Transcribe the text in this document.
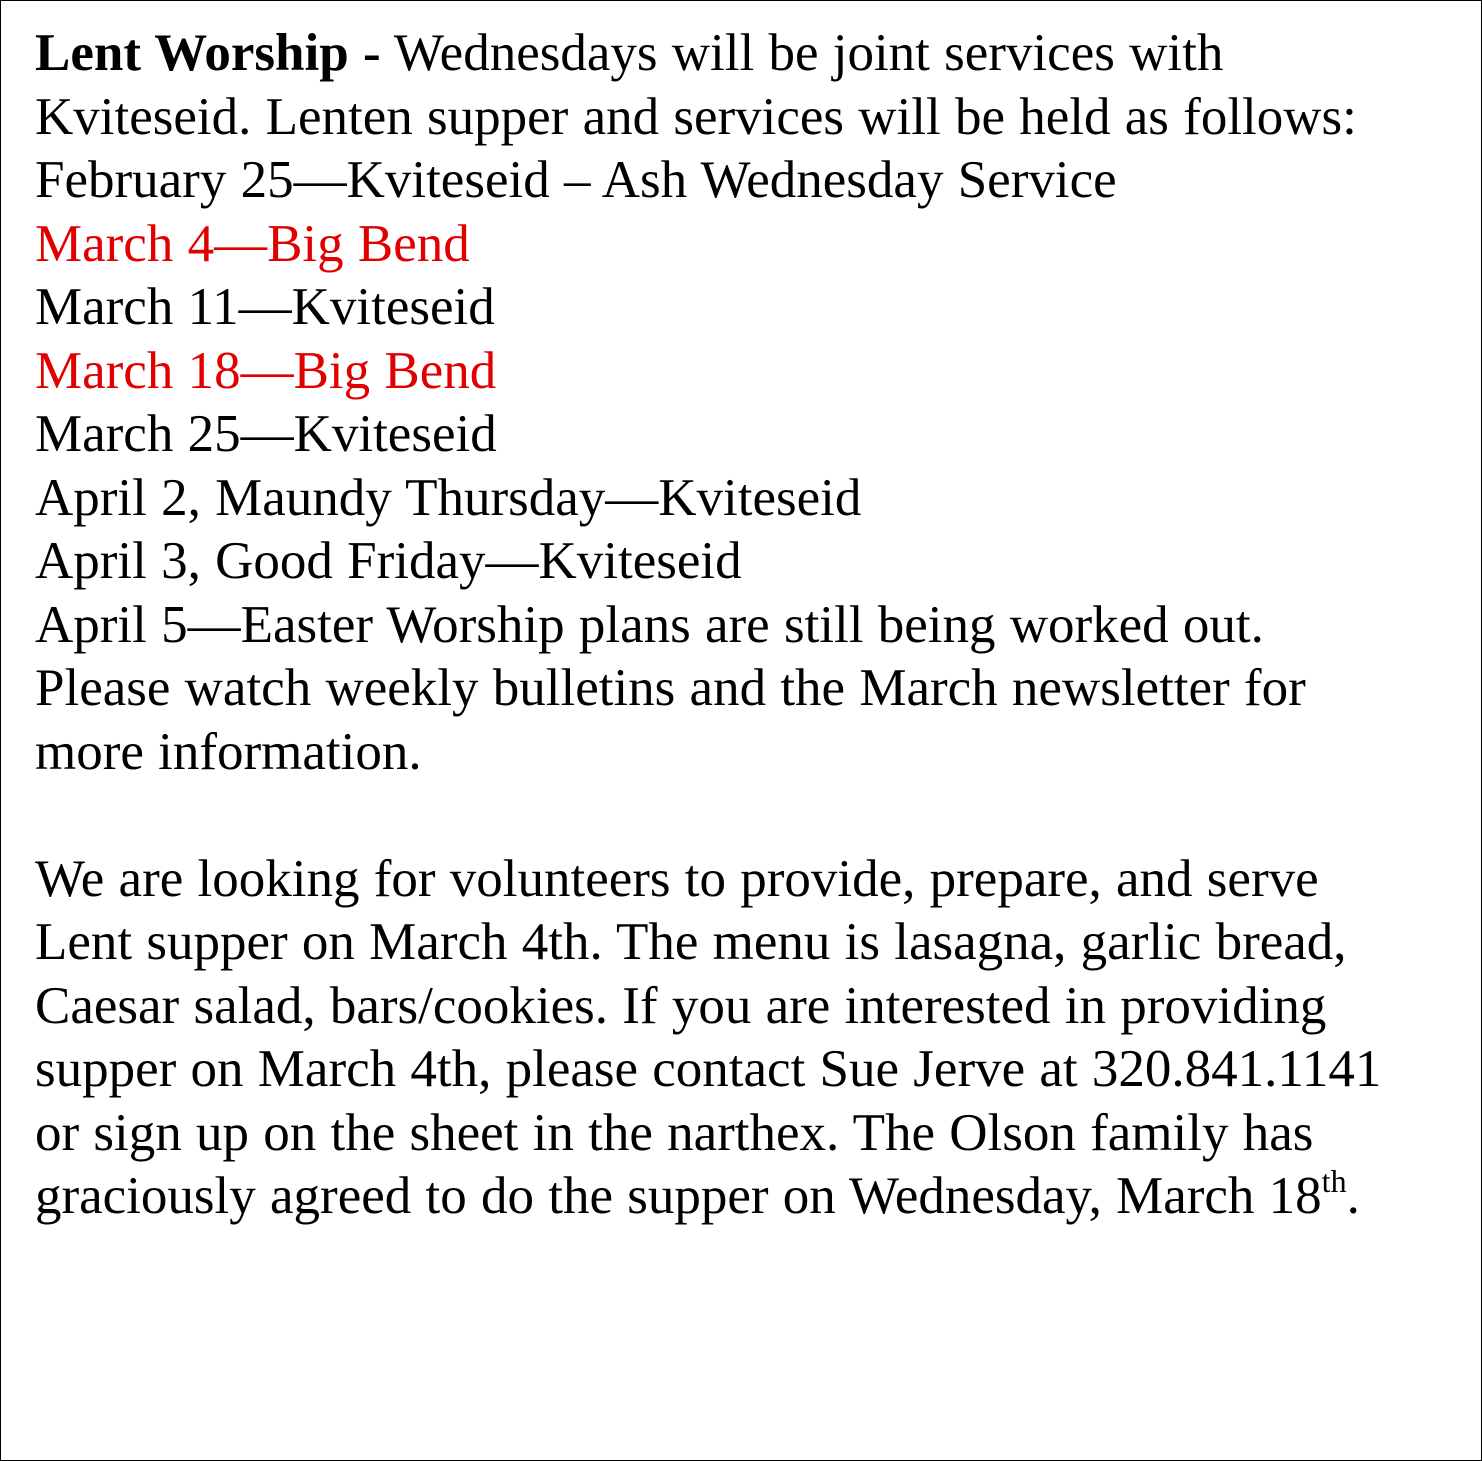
Lent Worship - Wednesdays will be joint services with

Kviteseid. Lenten supper and services will be held as follows:

February 25—Kviteseid – Ash Wednesday Service

March 4—Big Bend

March 11—Kviteseid

March 18—Big Bend

March 25—Kviteseid

April 2, Maundy Thursday—Kviteseid

April 3, Good Friday—Kviteseid

April 5—Easter Worship plans are still being worked out.

Please watch weekly bulletins and the March newsletter for

more information.

We are looking for volunteers to provide, prepare, and serve

Lent supper on March 4th. The menu is lasagna, garlic bread,

Caesar salad, bars/cookies. If you are interested in providing

supper on March 4th, please contact Sue Jerve at 320.841.1141

or sign up on the sheet in the narthex. The Olson family has

graciously agreed to do the supper on Wednesday, March 18th.
